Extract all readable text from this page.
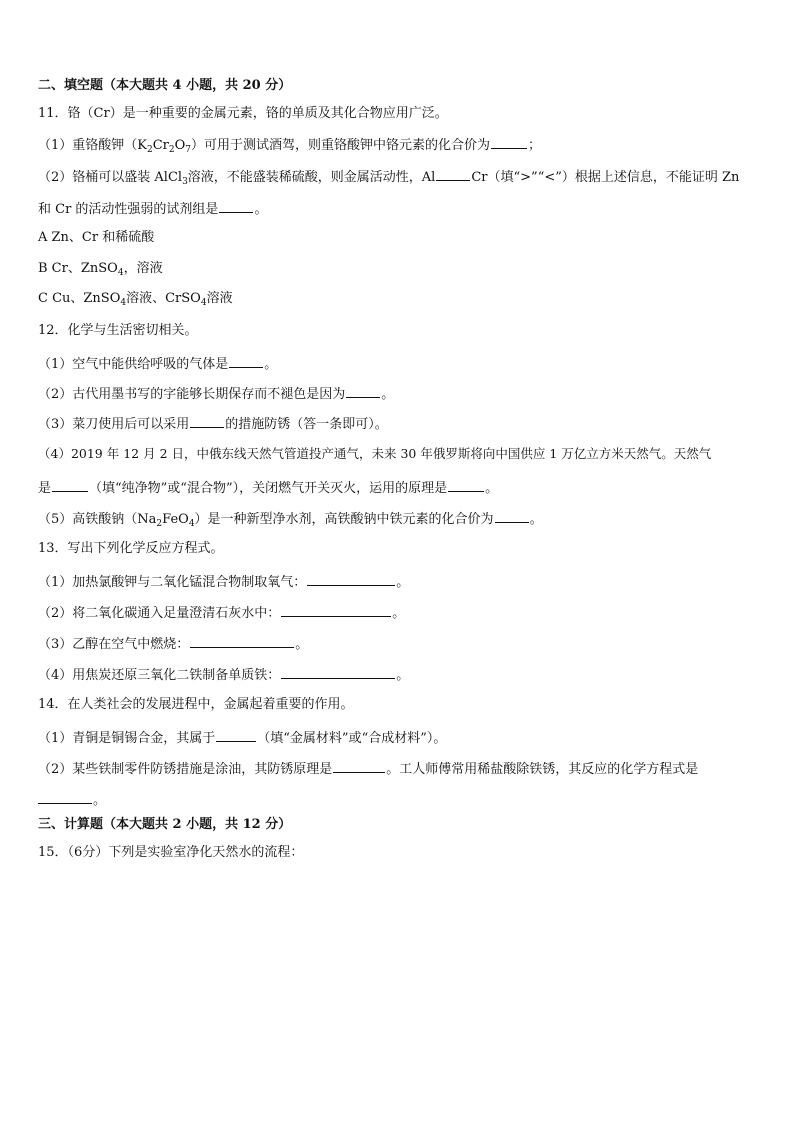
二、填空题（本大题共 4 小题，共 20 分）
11．铬（Cr）是一种重要的金属元素，铬的单质及其化合物应用广泛。
（1）重铬酸钾$(K_2Cr_2O_7)$可用于测试酒驾，则重铬酸钾中铬元素的化合价为	；
（2）铬桶可以盛装 AlCl$_3$溶液，不能盛装稀硫酸，则金属活动性，Al	Cr（填“>”“<”）根据上述信息，不能证明 Zn
和 Cr 的活动性强弱的试剂组是	。
A Zn、Cr 和稀硫酸
B Cr、ZnSO$_4$，溶液
C Cu、ZnSO$_4$溶液、CrSO$_4$溶液
12．化学与生活密切相关。
（1）空气中能供给呼吸的气体是	。
（2）古代用墨书写的字能够长期保存而不褪色是因为	。
（3）菜刀使用后可以采用	的措施防锈（答一条即可）。
（4）2019 年 12 月 2 日，中俄东线天然气管道投产通气，未来 30 年俄罗斯将向中国供应 1 万亿立方米天然气。天然气
是	（填“纯净物”或“混合物”），关闭燃气开关灭火，运用的原理是	。
（5）高铁酸钠$(Na_2FeO_4)$是一种新型净水剂，高铁酸钠中铁元素的化合价为	。
13．写出下列化学反应方程式。
（1）加热氯酸钾与二氧化锰混合物制取氧气：	。
（2）将二氧化碳通入足量澄清石灰水中：	。
（3）乙醇在空气中燃烧：	。
（4）用焦炭还原三氧化二铁制备单质铁：	。
14．在人类社会的发展进程中，金属起着重要的作用。
（1）青铜是铜锡合金，其属于	（填“金属材料”或“合成材料”）。
（2）某些铁制零件防锈措施是涂油，其防锈原理是	。工人师傅常用稀盐酸除铁锈，其反应的化学方程式是
。
三、计算题（本大题共 2 小题，共 12 分）
15．（6分）下列是实验室净化天然水的流程：
